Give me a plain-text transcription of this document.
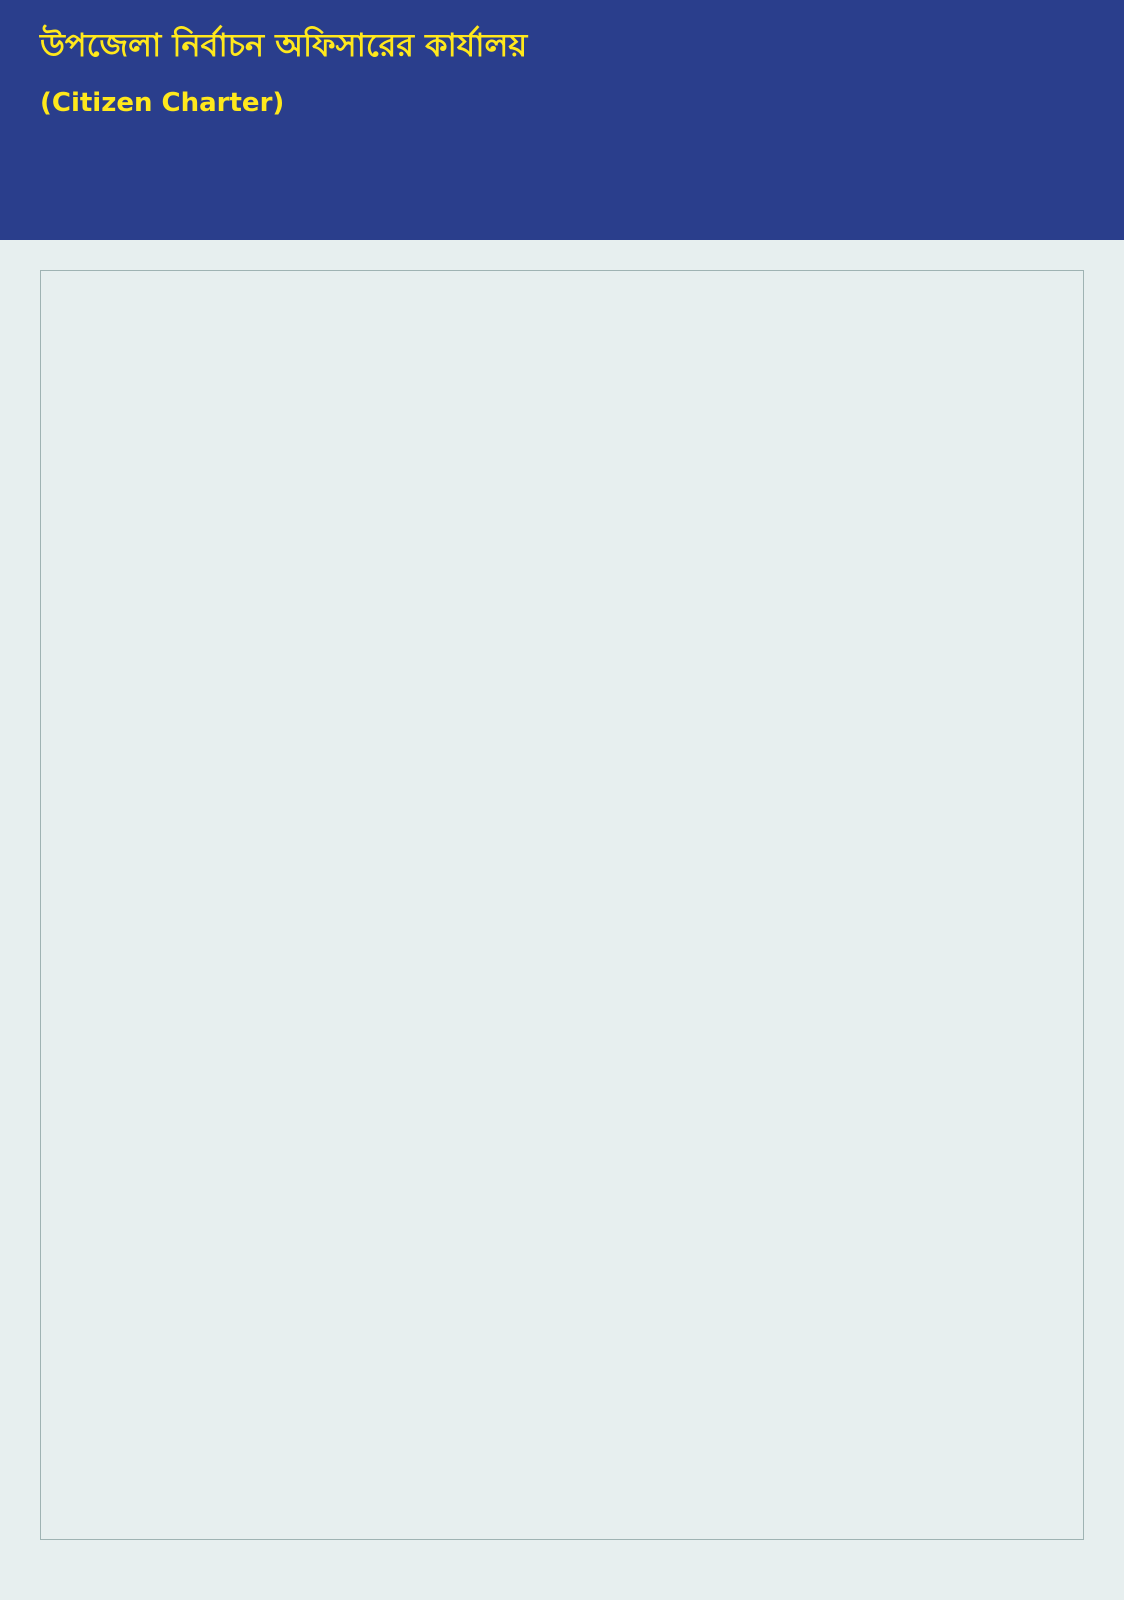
উপজেলা নির্বাচন অফিসারের কার্যালয়
(Citizen Charter)
